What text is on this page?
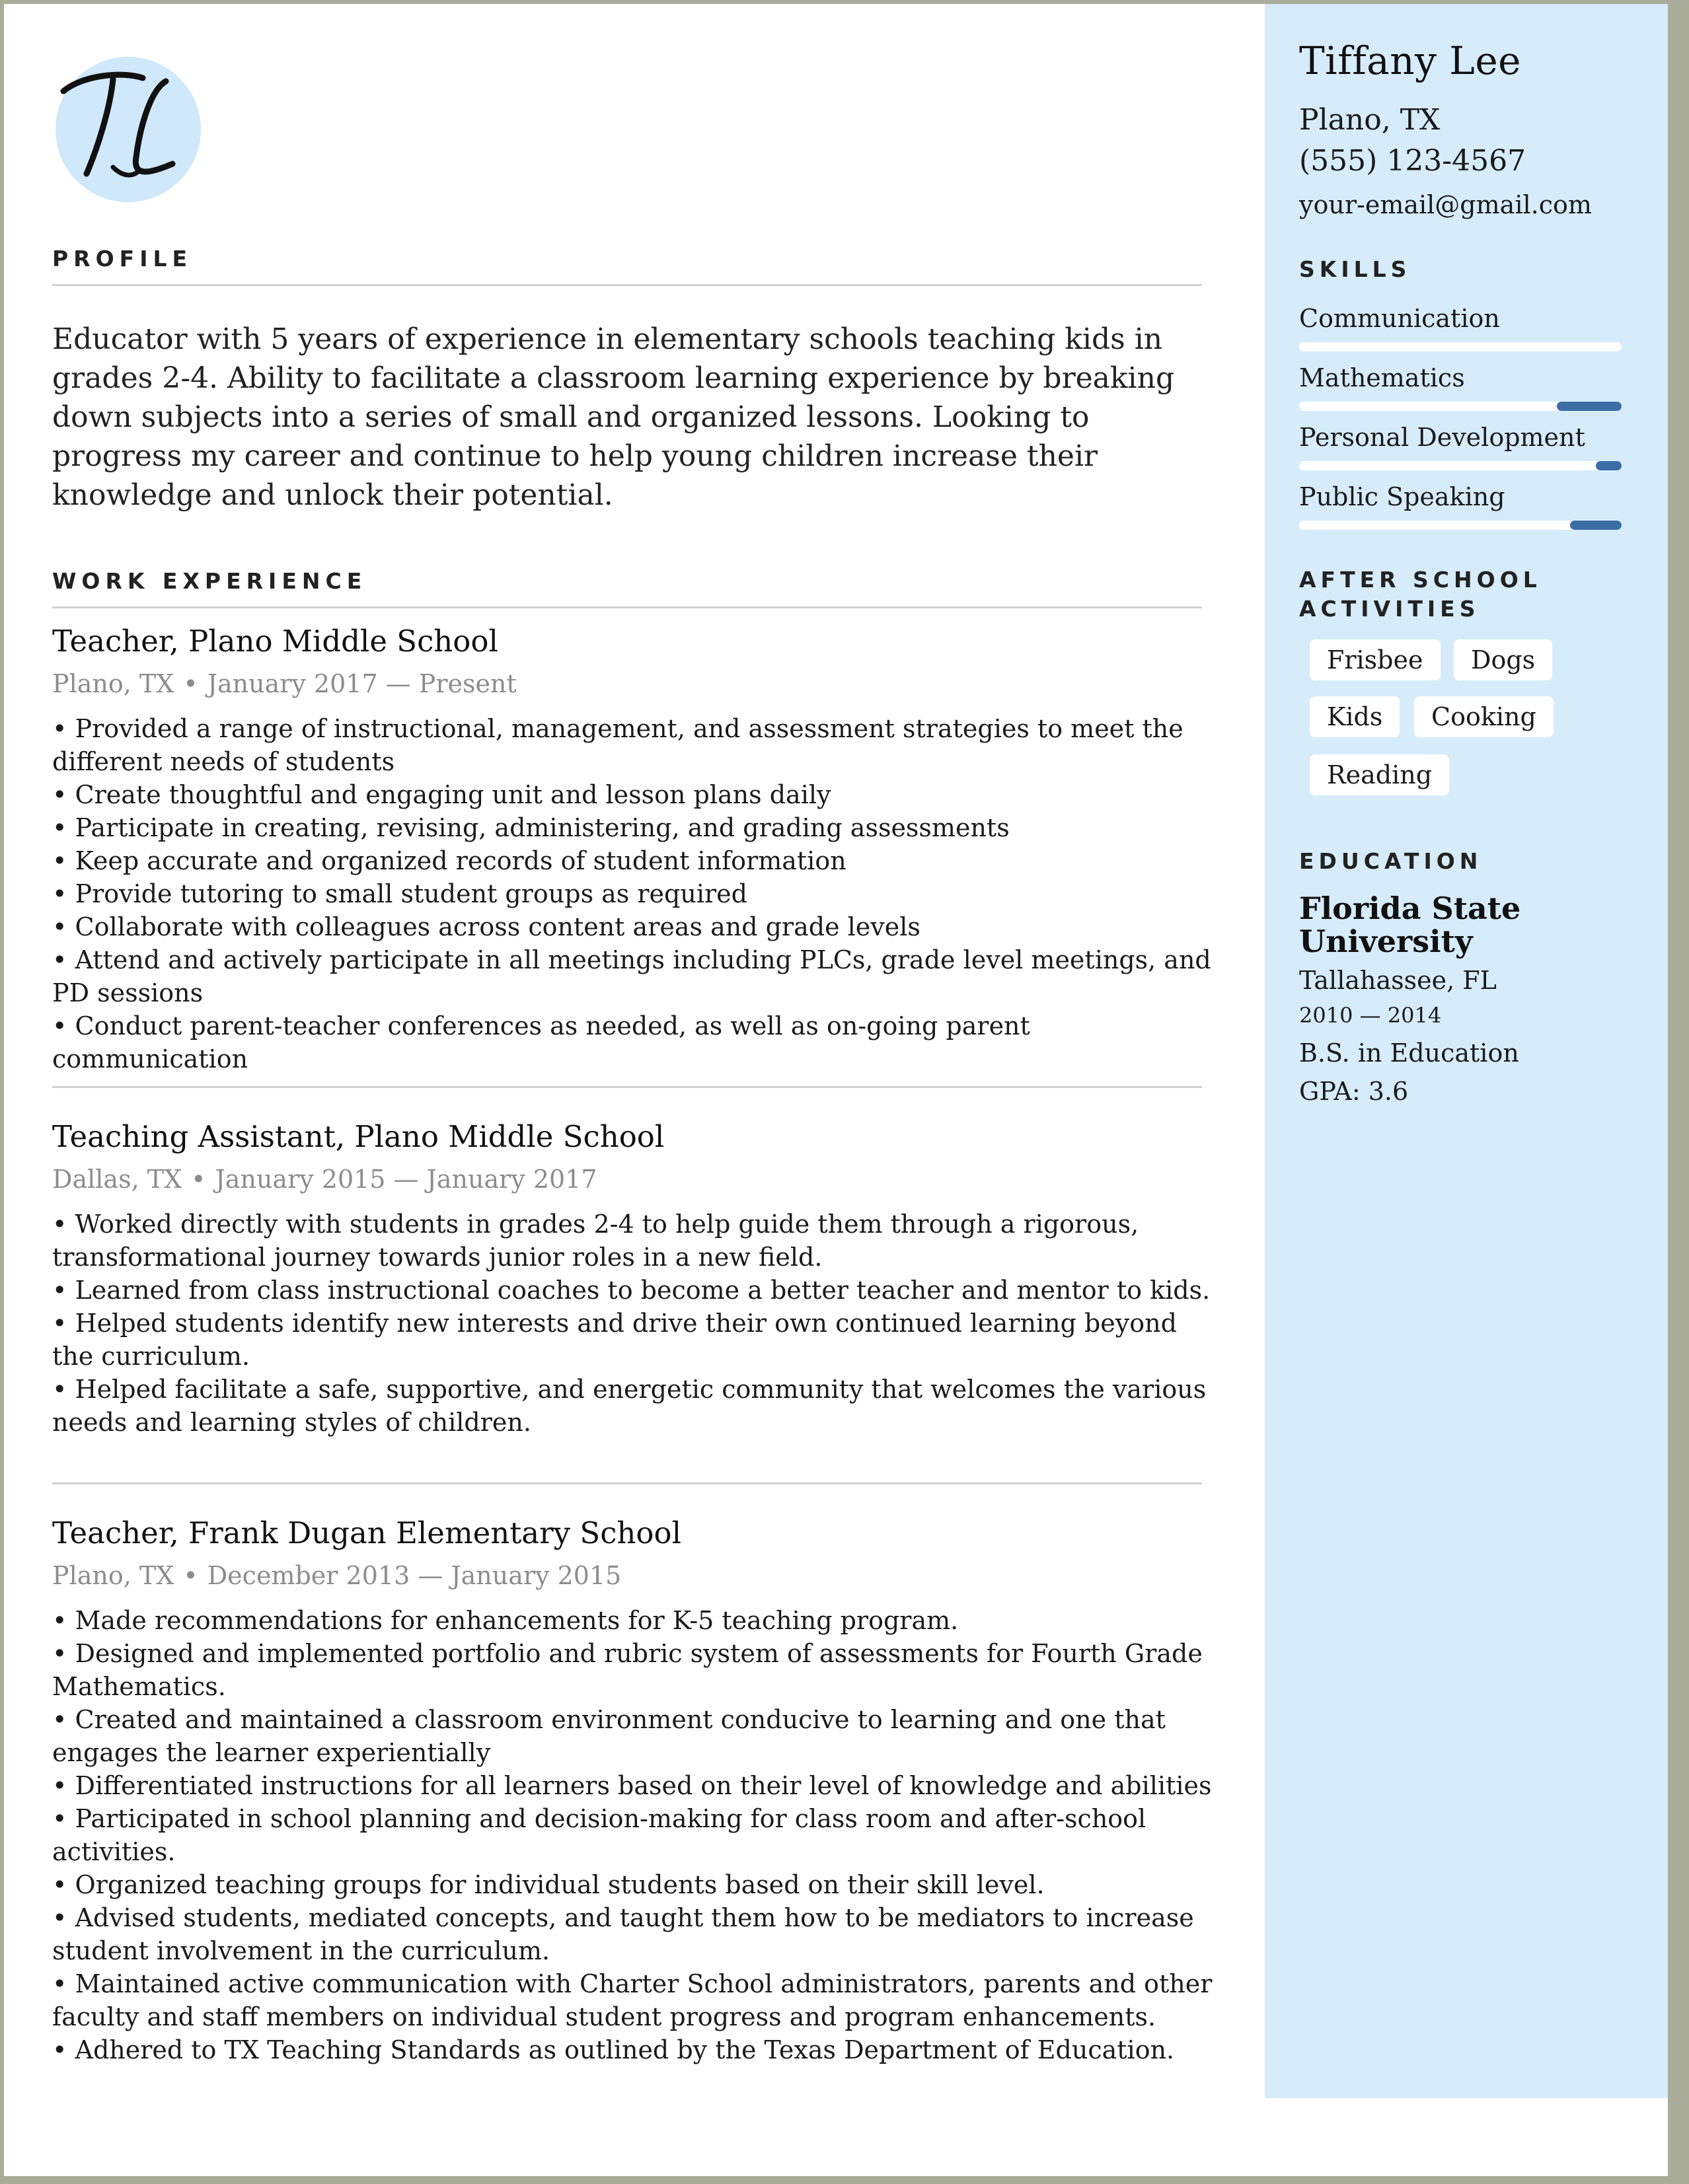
PROFILE
Educator with 5 years of experience in elementary schools teaching kids in grades 2-4. Ability to facilitate a classroom learning experience by breaking down subjects into a series of small and organized lessons. Looking to progress my career and continue to help young children increase their knowledge and unlock their potential.
WORK EXPERIENCE
Teacher, Plano Middle School
Plano, TX • January 2017 — Present
• Provided a range of instructional, management, and assessment strategies to meet the different needs of students
• Create thoughtful and engaging unit and lesson plans daily
• Participate in creating, revising, administering, and grading assessments
• Keep accurate and organized records of student information
• Provide tutoring to small student groups as required
• Collaborate with colleagues across content areas and grade levels
• Attend and actively participate in all meetings including PLCs, grade level meetings, and PD sessions
• Conduct parent-teacher conferences as needed, as well as on-going parent communication
Teaching Assistant, Plano Middle School
Dallas, TX • January 2015 — January 2017
• Worked directly with students in grades 2-4 to help guide them through a rigorous, transformational journey towards junior roles in a new field.
• Learned from class instructional coaches to become a better teacher and mentor to kids.
• Helped students identify new interests and drive their own continued learning beyond the curriculum.
• Helped facilitate a safe, supportive, and energetic community that welcomes the various needs and learning styles of children.
Teacher, Frank Dugan Elementary School
Plano, TX • December 2013 — January 2015
• Made recommendations for enhancements for K-5 teaching program.
• Designed and implemented portfolio and rubric system of assessments for Fourth Grade Mathematics.
• Created and maintained a classroom environment conducive to learning and one that engages the learner experientially
• Differentiated instructions for all learners based on their level of knowledge and abilities
• Participated in school planning and decision-making for class room and after-school activities.
• Organized teaching groups for individual students based on their skill level.
• Advised students, mediated concepts, and taught them how to be mediators to increase student involvement in the curriculum.
• Maintained active communication with Charter School administrators, parents and other faculty and staff members on individual student progress and program enhancements.
• Adhered to TX Teaching Standards as outlined by the Texas Department of Education.
Tiffany Lee
Plano, TX
(555) 123-4567
your-email@gmail.com
SKILLS
Communication
Mathematics
Personal Development
Public Speaking
AFTER SCHOOL
ACTIVITIES
Frisbee	Dogs
Kids	Cooking
Reading
EDUCATION
Florida State
University
Tallahassee, FL
2010 — 2014
B.S. in Education
GPA: 3.6
